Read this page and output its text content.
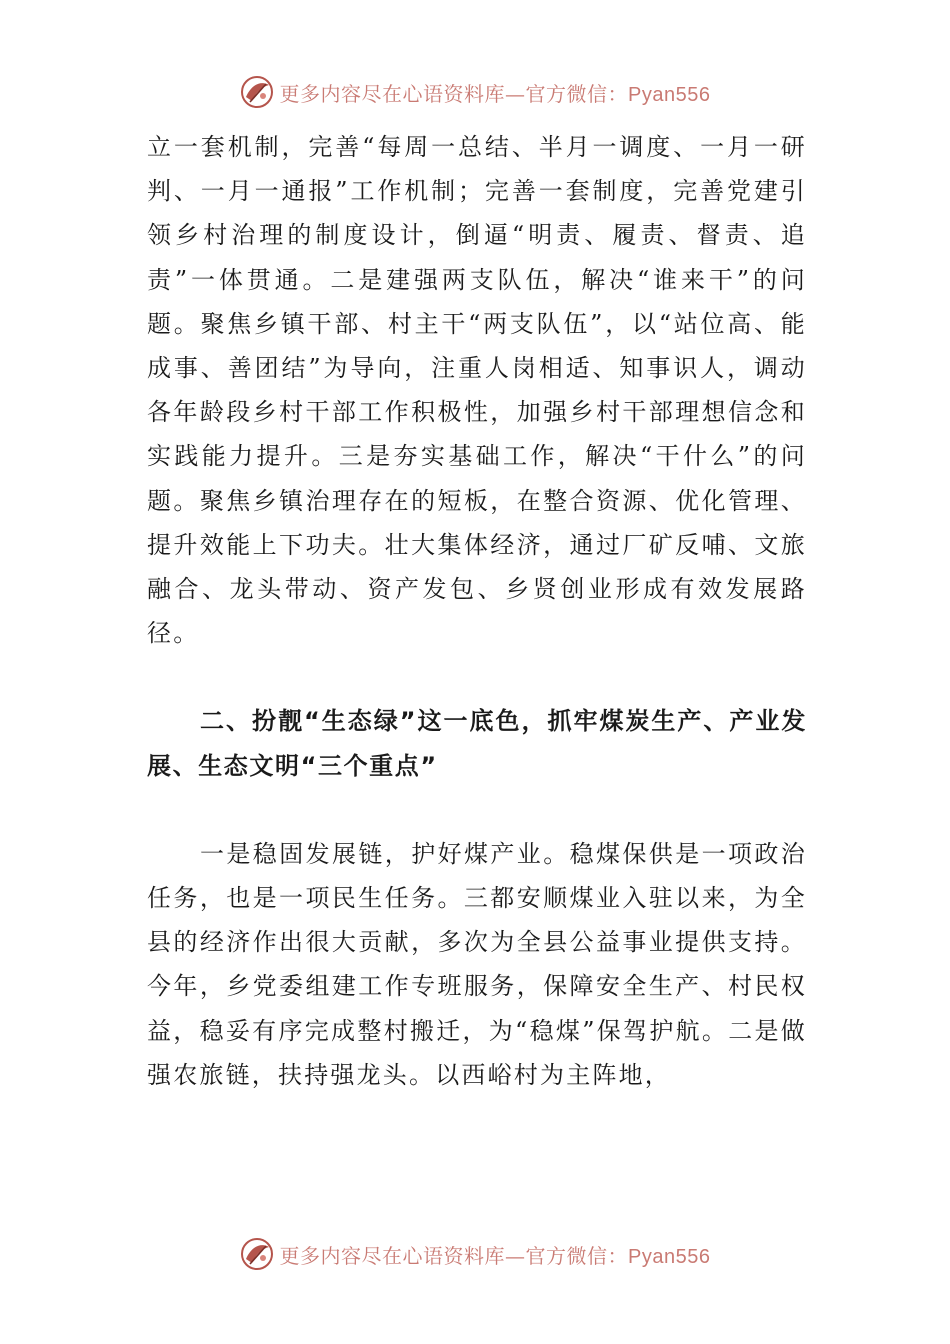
更多内容尽在心语资料库—官方微信：Pyan556

立一套机制，完善“每周一总结、半月一调度、一月一研判、一月一通报”工作机制；完善一套制度，完善党建引领乡村治理的制度设计，倒逼“明责、履责、督责、追责”一体贯通。二是建强两支队伍，解决“谁来干”的问题。聚焦乡镇干部、村主干“两支队伍”，以“站位高、能成事、善团结”为导向，注重人岗相适、知事识人，调动各年龄段乡村干部工作积极性，加强乡村干部理想信念和实践能力提升。三是夯实基础工作，解决“干什么”的问题。聚焦乡镇治理存在的短板，在整合资源、优化管理、提升效能上下功夫。壮大集体经济，通过厂矿反哺、文旅融合、龙头带动、资产发包、乡贤创业形成有效发展路径。

二、扮靓“生态绿”这一底色，抓牢煤炭生产、产业发展、生态文明“三个重点”

一是稳固发展链，护好煤产业。稳煤保供是一项政治任务，也是一项民生任务。三都安顺煤业入驻以来，为全县的经济作出很大贡献，多次为全县公益事业提供支持。今年，乡党委组建工作专班服务，保障安全生产、村民权益，稳妥有序完成整村搬迁，为“稳煤”保驾护航。二是做强农旅链，扶持强龙头。以西峪村为主阵地，

更多内容尽在心语资料库—官方微信：Pyan556
